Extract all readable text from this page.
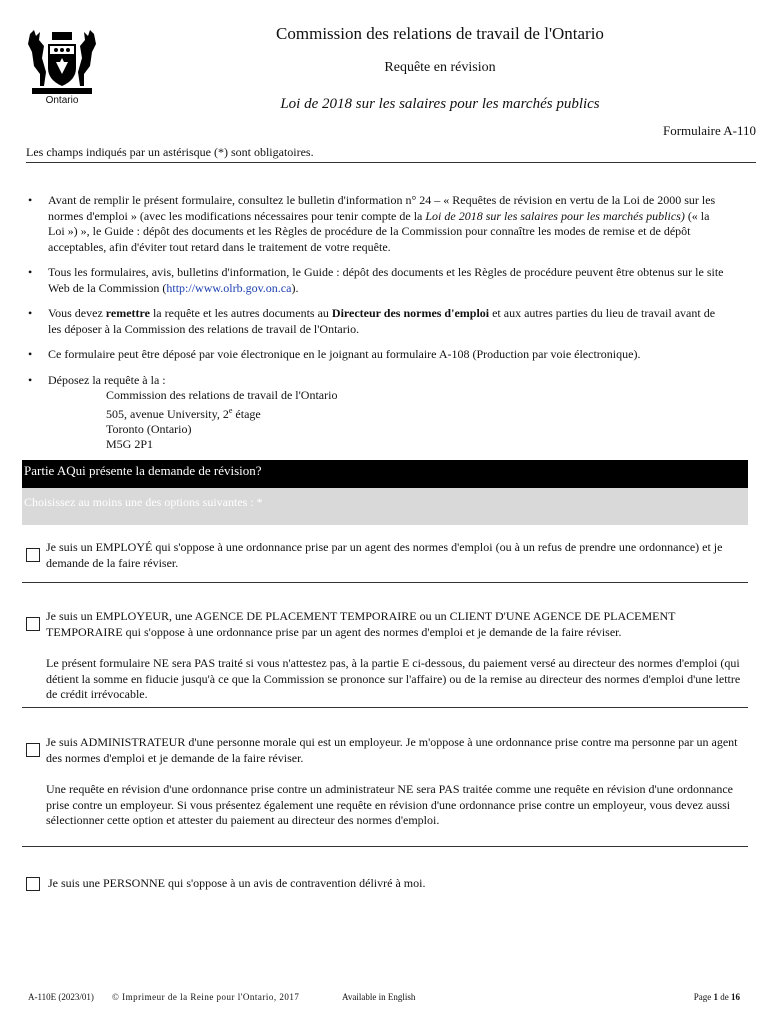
Ontario
Commission des relations de travail de l'Ontario
Requête en révision
Loi de 2018 sur les salaires pour les marchés publics
Formulaire A-110
Les champs indiqués par un astérisque (*) sont obligatoires.
• Avant de remplir le présent formulaire, consultez le bulletin d'information n° 24 – « Requêtes de révision en vertu de la Loi de 2000 sur les normes d'emploi » (avec les modifications nécessaires pour tenir compte de la Loi de 2018 sur les salaires pour les marchés publics) (« la Loi ») », le Guide : dépôt des documents et les Règles de procédure de la Commission pour connaître les modes de remise et de dépôt acceptables, afin d'éviter tout retard dans le traitement de votre requête.
• Tous les formulaires, avis, bulletins d'information, le Guide : dépôt des documents et les Règles de procédure peuvent être obtenus sur le site Web de la Commission (http://www.olrb.gov.on.ca).
• Vous devez remettre la requête et les autres documents au Directeur des normes d'emploi et aux autres parties du lieu de travail avant de les déposer à la Commission des relations de travail de l'Ontario.
• Ce formulaire peut être déposé par voie électronique en le joignant au formulaire A-108 (Production par voie électronique).
• Déposez la requête à la :
Commission des relations de travail de l'Ontario
505, avenue University, 2e étage
Toronto (Ontario)
M5G 2P1
Partie AQui présente la demande de révision?
Choisissez au moins une des options suivantes : *
Je suis un EMPLOYÉ qui s'oppose à une ordonnance prise par un agent des normes d'emploi (ou à un refus de prendre une ordonnance) et je demande de la faire réviser.
Je suis un EMPLOYEUR, une AGENCE DE PLACEMENT TEMPORAIRE ou un CLIENT D'UNE AGENCE DE PLACEMENT TEMPORAIRE qui s'oppose à une ordonnance prise par un agent des normes d'emploi et je demande de la faire réviser.
Le présent formulaire NE sera PAS traité si vous n'attestez pas, à la partie E ci-dessous, du paiement versé au directeur des normes d'emploi (qui détient la somme en fiducie jusqu'à ce que la Commission se prononce sur l'affaire) ou de la remise au directeur des normes d'emploi d'une lettre de crédit irrévocable.
Je suis ADMINISTRATEUR d'une personne morale qui est un employeur. Je m'oppose à une ordonnance prise contre ma personne par un agent des normes d'emploi et je demande de la faire réviser.
Une requête en révision d'une ordonnance prise contre un administrateur NE sera PAS traitée comme une requête en révision d'une ordonnance prise contre un employeur. Si vous présentez également une requête en révision d'une ordonnance prise contre un employeur, vous devez aussi sélectionner cette option et attester du paiement au directeur des normes d'emploi.
Je suis une PERSONNE qui s'oppose à un avis de contravention délivré à moi.
A-110E (2023/01) © Imprimeur de la Reine pour l'Ontario, 2017	Available in English	Page 1 de 16
